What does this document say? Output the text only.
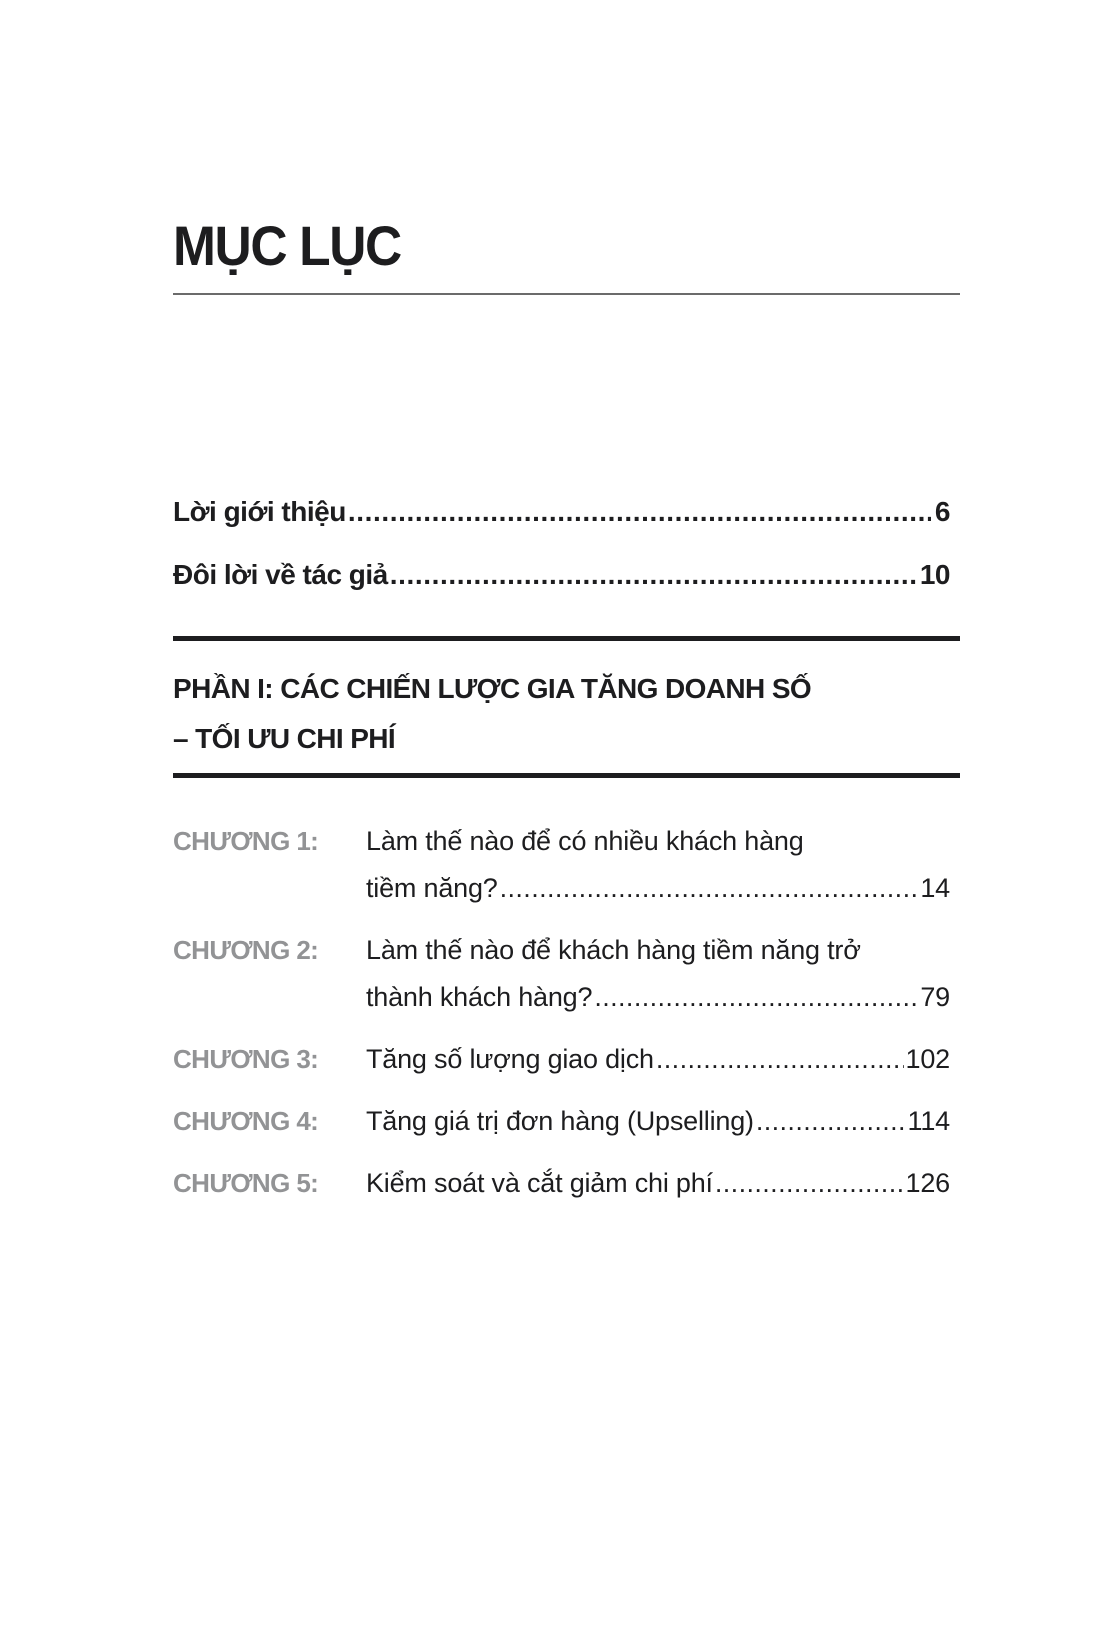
MỤC LỤC
Lời giới thiệu .....	6
Đôi lời về tác giả .....	10
PHẦN I: CÁC CHIẾN LƯỢC GIA TĂNG DOANH SỐ
– TỐI ƯU CHI PHÍ
CHƯƠNG 1: Làm thế nào để có nhiều khách hàng
tiềm năng? .....	14
CHƯƠNG 2: Làm thế nào để khách hàng tiềm năng trở
thành khách hàng? .....	79
CHƯƠNG 3: Tăng số lượng giao dịch .....	102
CHƯƠNG 4: Tăng giá trị đơn hàng (Upselling) .....	114
CHƯƠNG 5: Kiểm soát và cắt giảm chi phí .....	126
